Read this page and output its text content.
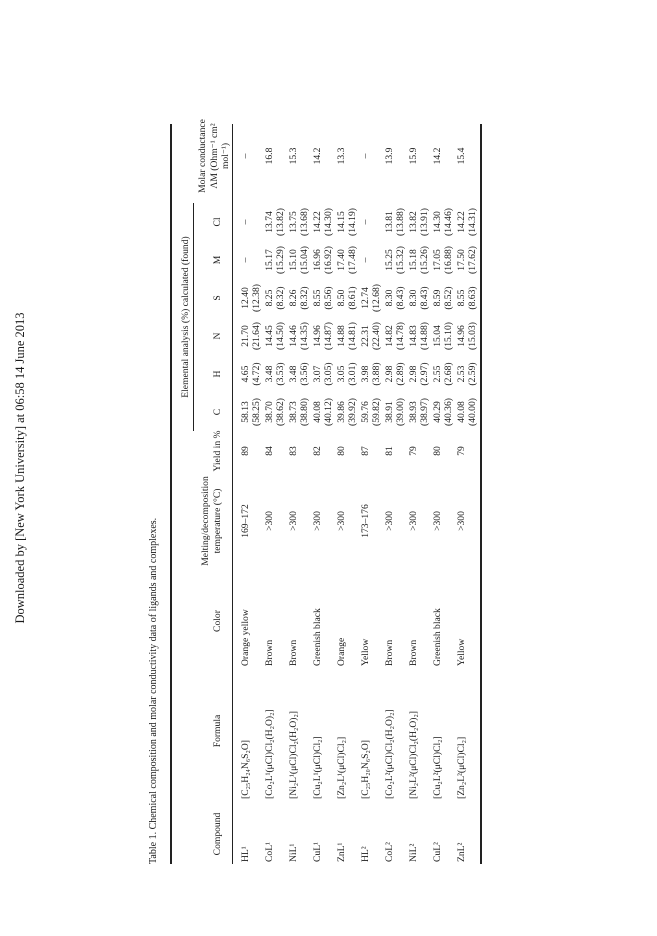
Downloaded by [New York University] at 06:58 14 June 2013
Table 1. Chemical composition and molar conductivity data of ligands and complexes.
Elemental analysis (%) calculated (found)
Compound
Formula
Color
Melting/decomposition temperature (°C)
Yield in %
C
H
N
S
M
Cl
Molar conductance ΛM (Ohm⁻¹ cm² mol⁻¹)
HL¹
[C₂₅H₂₄N₆S₂O]
Orange yellow
169–172
89
58.13 (58.25)
4.65 (4.72)
21.70 (21.64)
12.40 (12.38)
–
–
–
CoL¹
[Co₂L¹(μCl)Cl₂(H₂O)₂]
Brown
>300
84
38.70 (38.62)
3.48 (3.53)
14.45 (14.50)
8.25 (8.32)
15.17 (15.29)
13.74 (13.82)
16.8
NiL¹
[Ni₂L¹(μCl)Cl₂(H₂O)₂]
Brown
>300
83
38.73 (38.80)
3.48 (3.56)
14.46 (14.35)
8.26 (8.32)
15.10 (15.04)
13.75 (13.68)
15.3
CuL¹
[Cu₂L¹(μCl)Cl₂]
Greenish black
>300
82
40.08 (40.12)
3.07 (3.05)
14.96 (14.87)
8.55 (8.56)
16.96 (16.92)
14.22 (14.30)
14.2
ZnL¹
[Zn₂L¹(μCl)Cl₂]
Orange
>300
80
39.86 (39.92)
3.05 (3.01)
14.88 (14.81)
8.50 (8.61)
17.40 (17.48)
14.15 (14.19)
13.3
HL²
[C₂₅H₂₀N₆S₂O]
Yellow
173–176
87
59.76 (59.82)
3.98 (3.88)
22.31 (22.40)
12.74 (12.68)
–
–
–
CoL²
[Co₂L²(μCl)Cl₂(H₂O)₂]
Brown
>300
81
38.91 (39.00)
2.98 (2.89)
14.82 (14.78)
8.30 (8.43)
15.25 (15.32)
13.81 (13.88)
13.9
NiL²
[Ni₂L²(μCl)Cl₂(H₂O)₂]
Brown
>300
79
38.93 (38.97)
2.98 (2.97)
14.83 (14.88)
8.30 (8.43)
15.18 (15.26)
13.82 (13.91)
15.9
CuL²
[Cu₂L²(μCl)Cl₂]
Greenish black
>300
80
40.29 (40.36)
2.55 (2.68)
15.04 (15.10)
8.59 (8.52)
17.05 (16.88)
14.30 (14.46)
14.2
ZnL²
[Zn₂L²(μCl)Cl₂]
Yellow
>300
79
40.08 (40.00)
2.53 (2.59)
14.96 (15.03)
8.55 (8.63)
17.50 (17.62)
14.22 (14.31)
15.4
